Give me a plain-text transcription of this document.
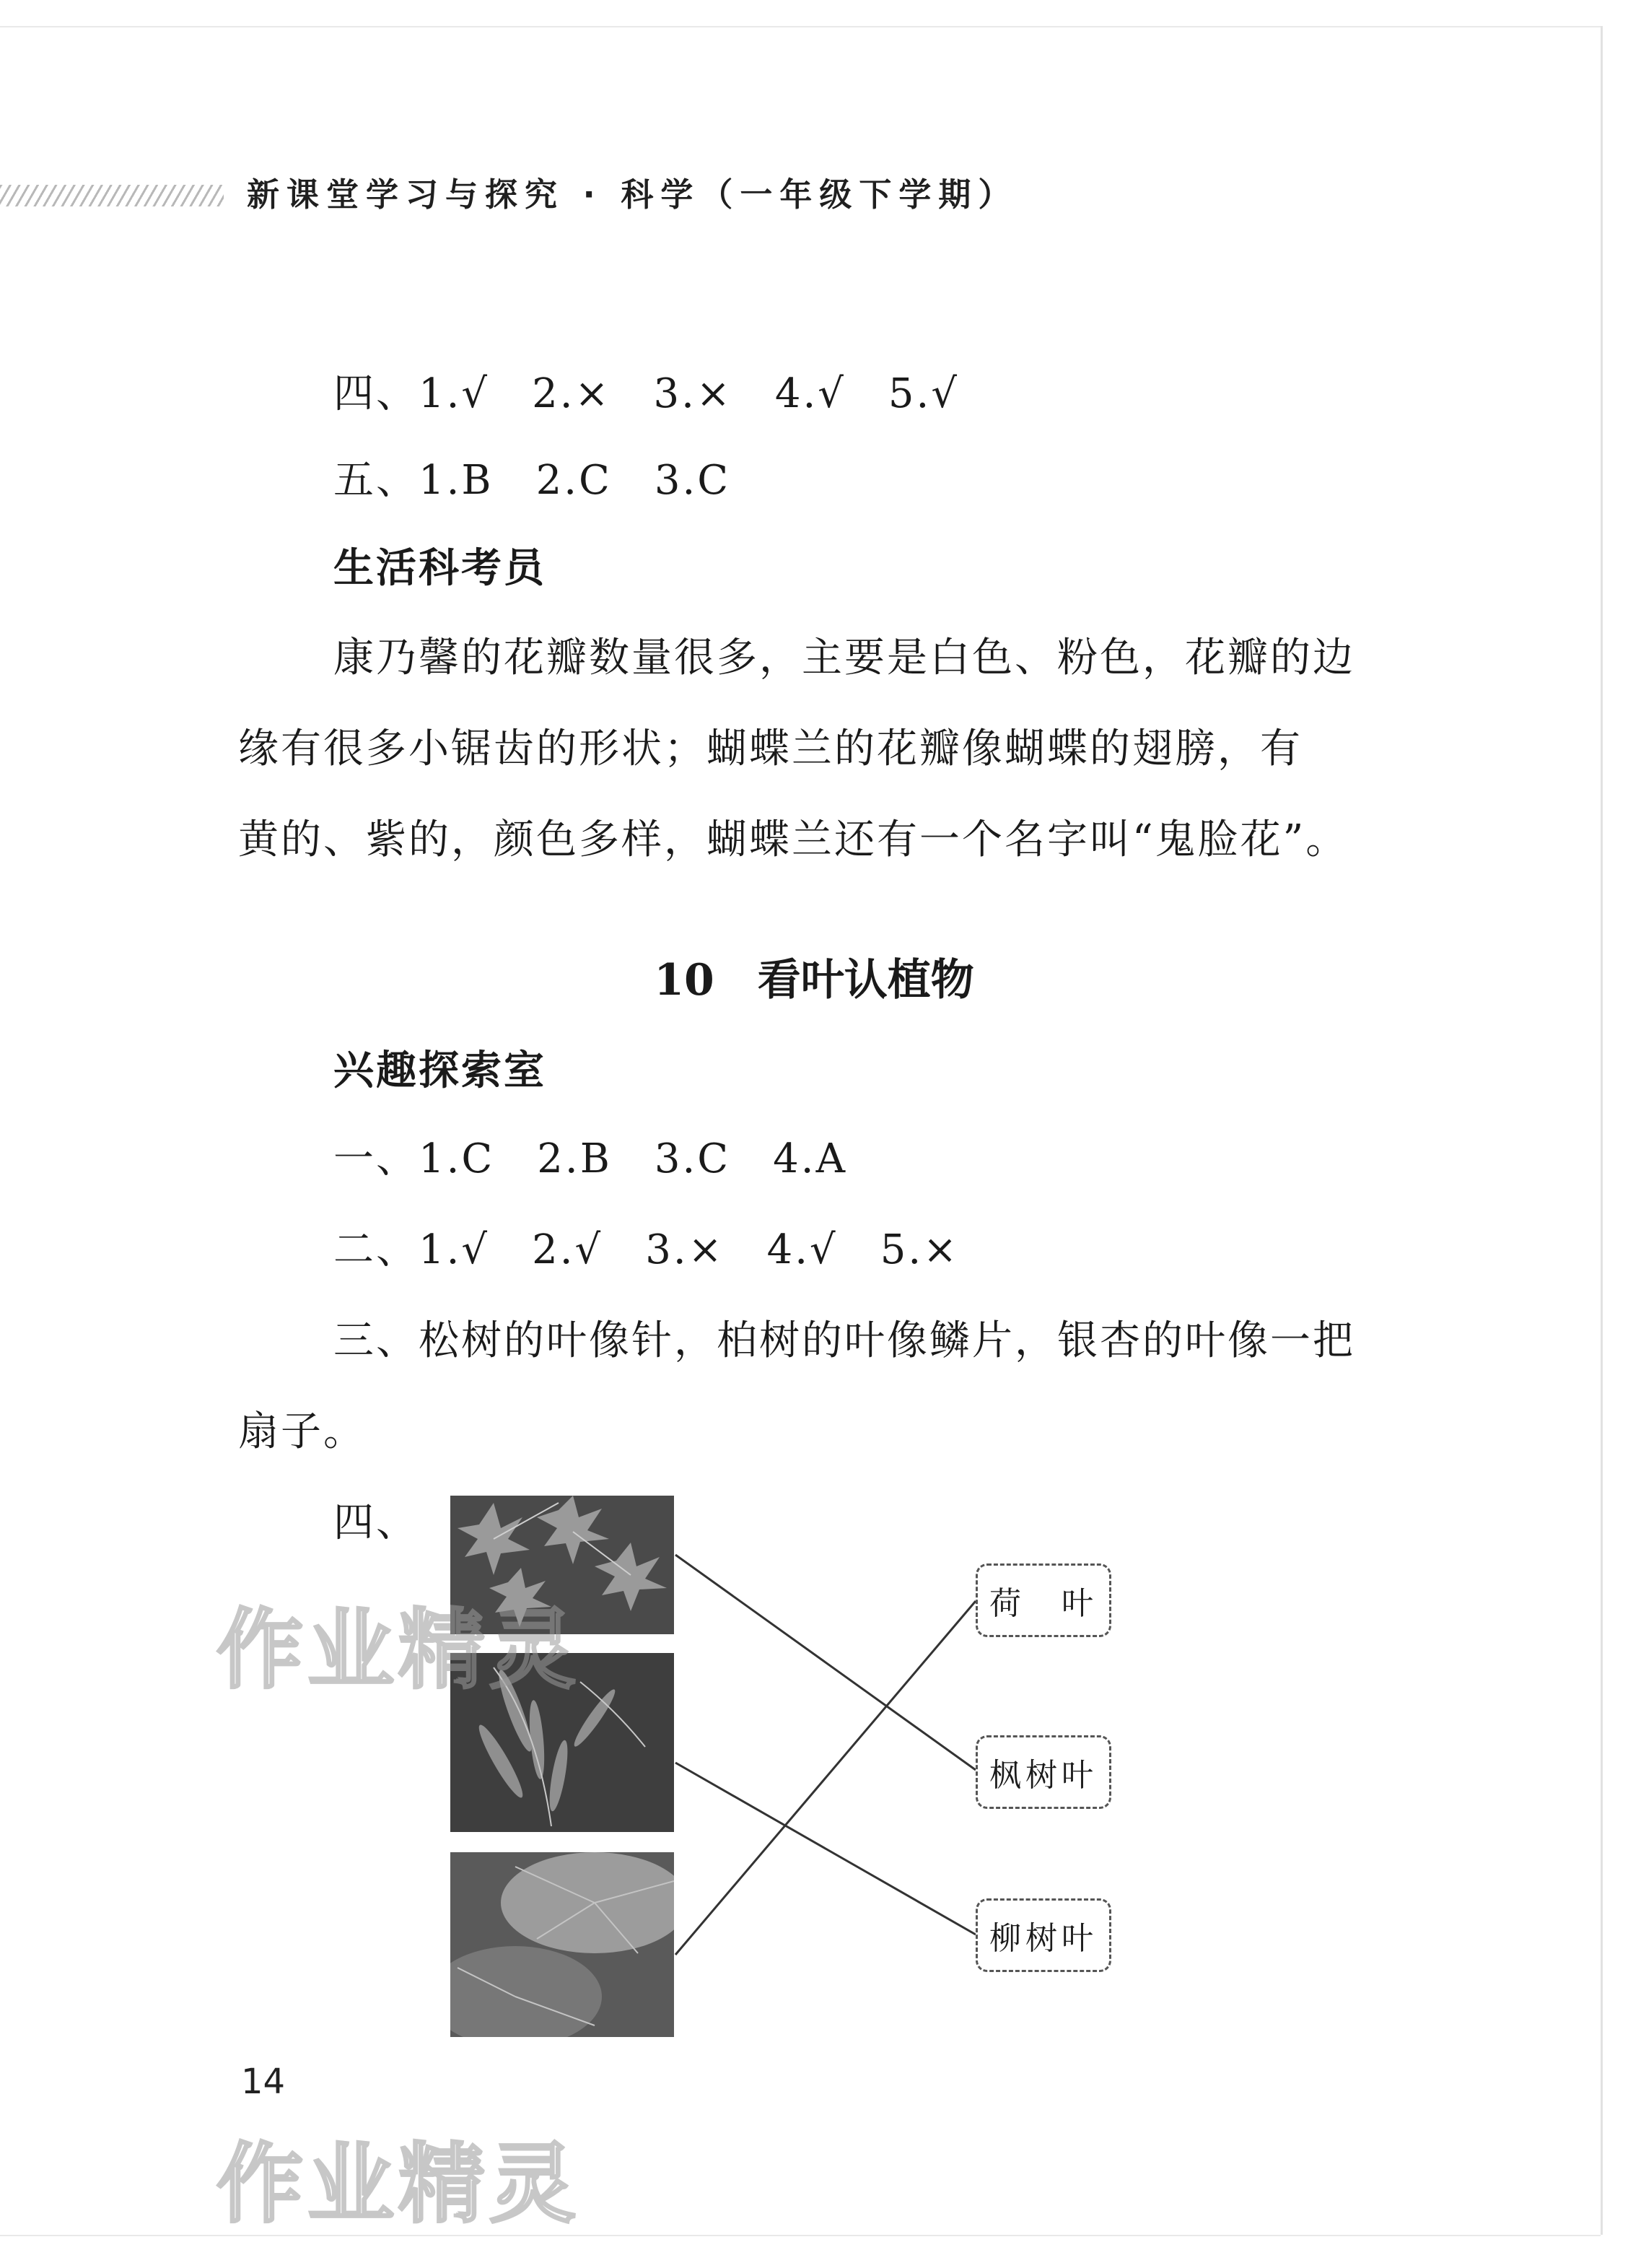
新课堂学习与探究 · 科学（一年级下学期）
四、1.√　2.×　3.×　4.√　5.√
五、1.B　2.C　3.C
生活科考员
康乃馨的花瓣数量很多，主要是白色、粉色，花瓣的边
缘有很多小锯齿的形状；蝴蝶兰的花瓣像蝴蝶的翅膀，有
黄的、紫的，颜色多样，蝴蝶兰还有一个名字叫“鬼脸花”。
10 看叶认植物
兴趣探索室
一、1.C　2.B　3.C　4.A
二、1.√　2.√　3.×　4.√　5.×
三、松树的叶像针，柏树的叶像鳞片，银杏的叶像一把
扇子。
四、
荷　叶
枫树叶
柳树叶
作业精灵
作业精灵
14
